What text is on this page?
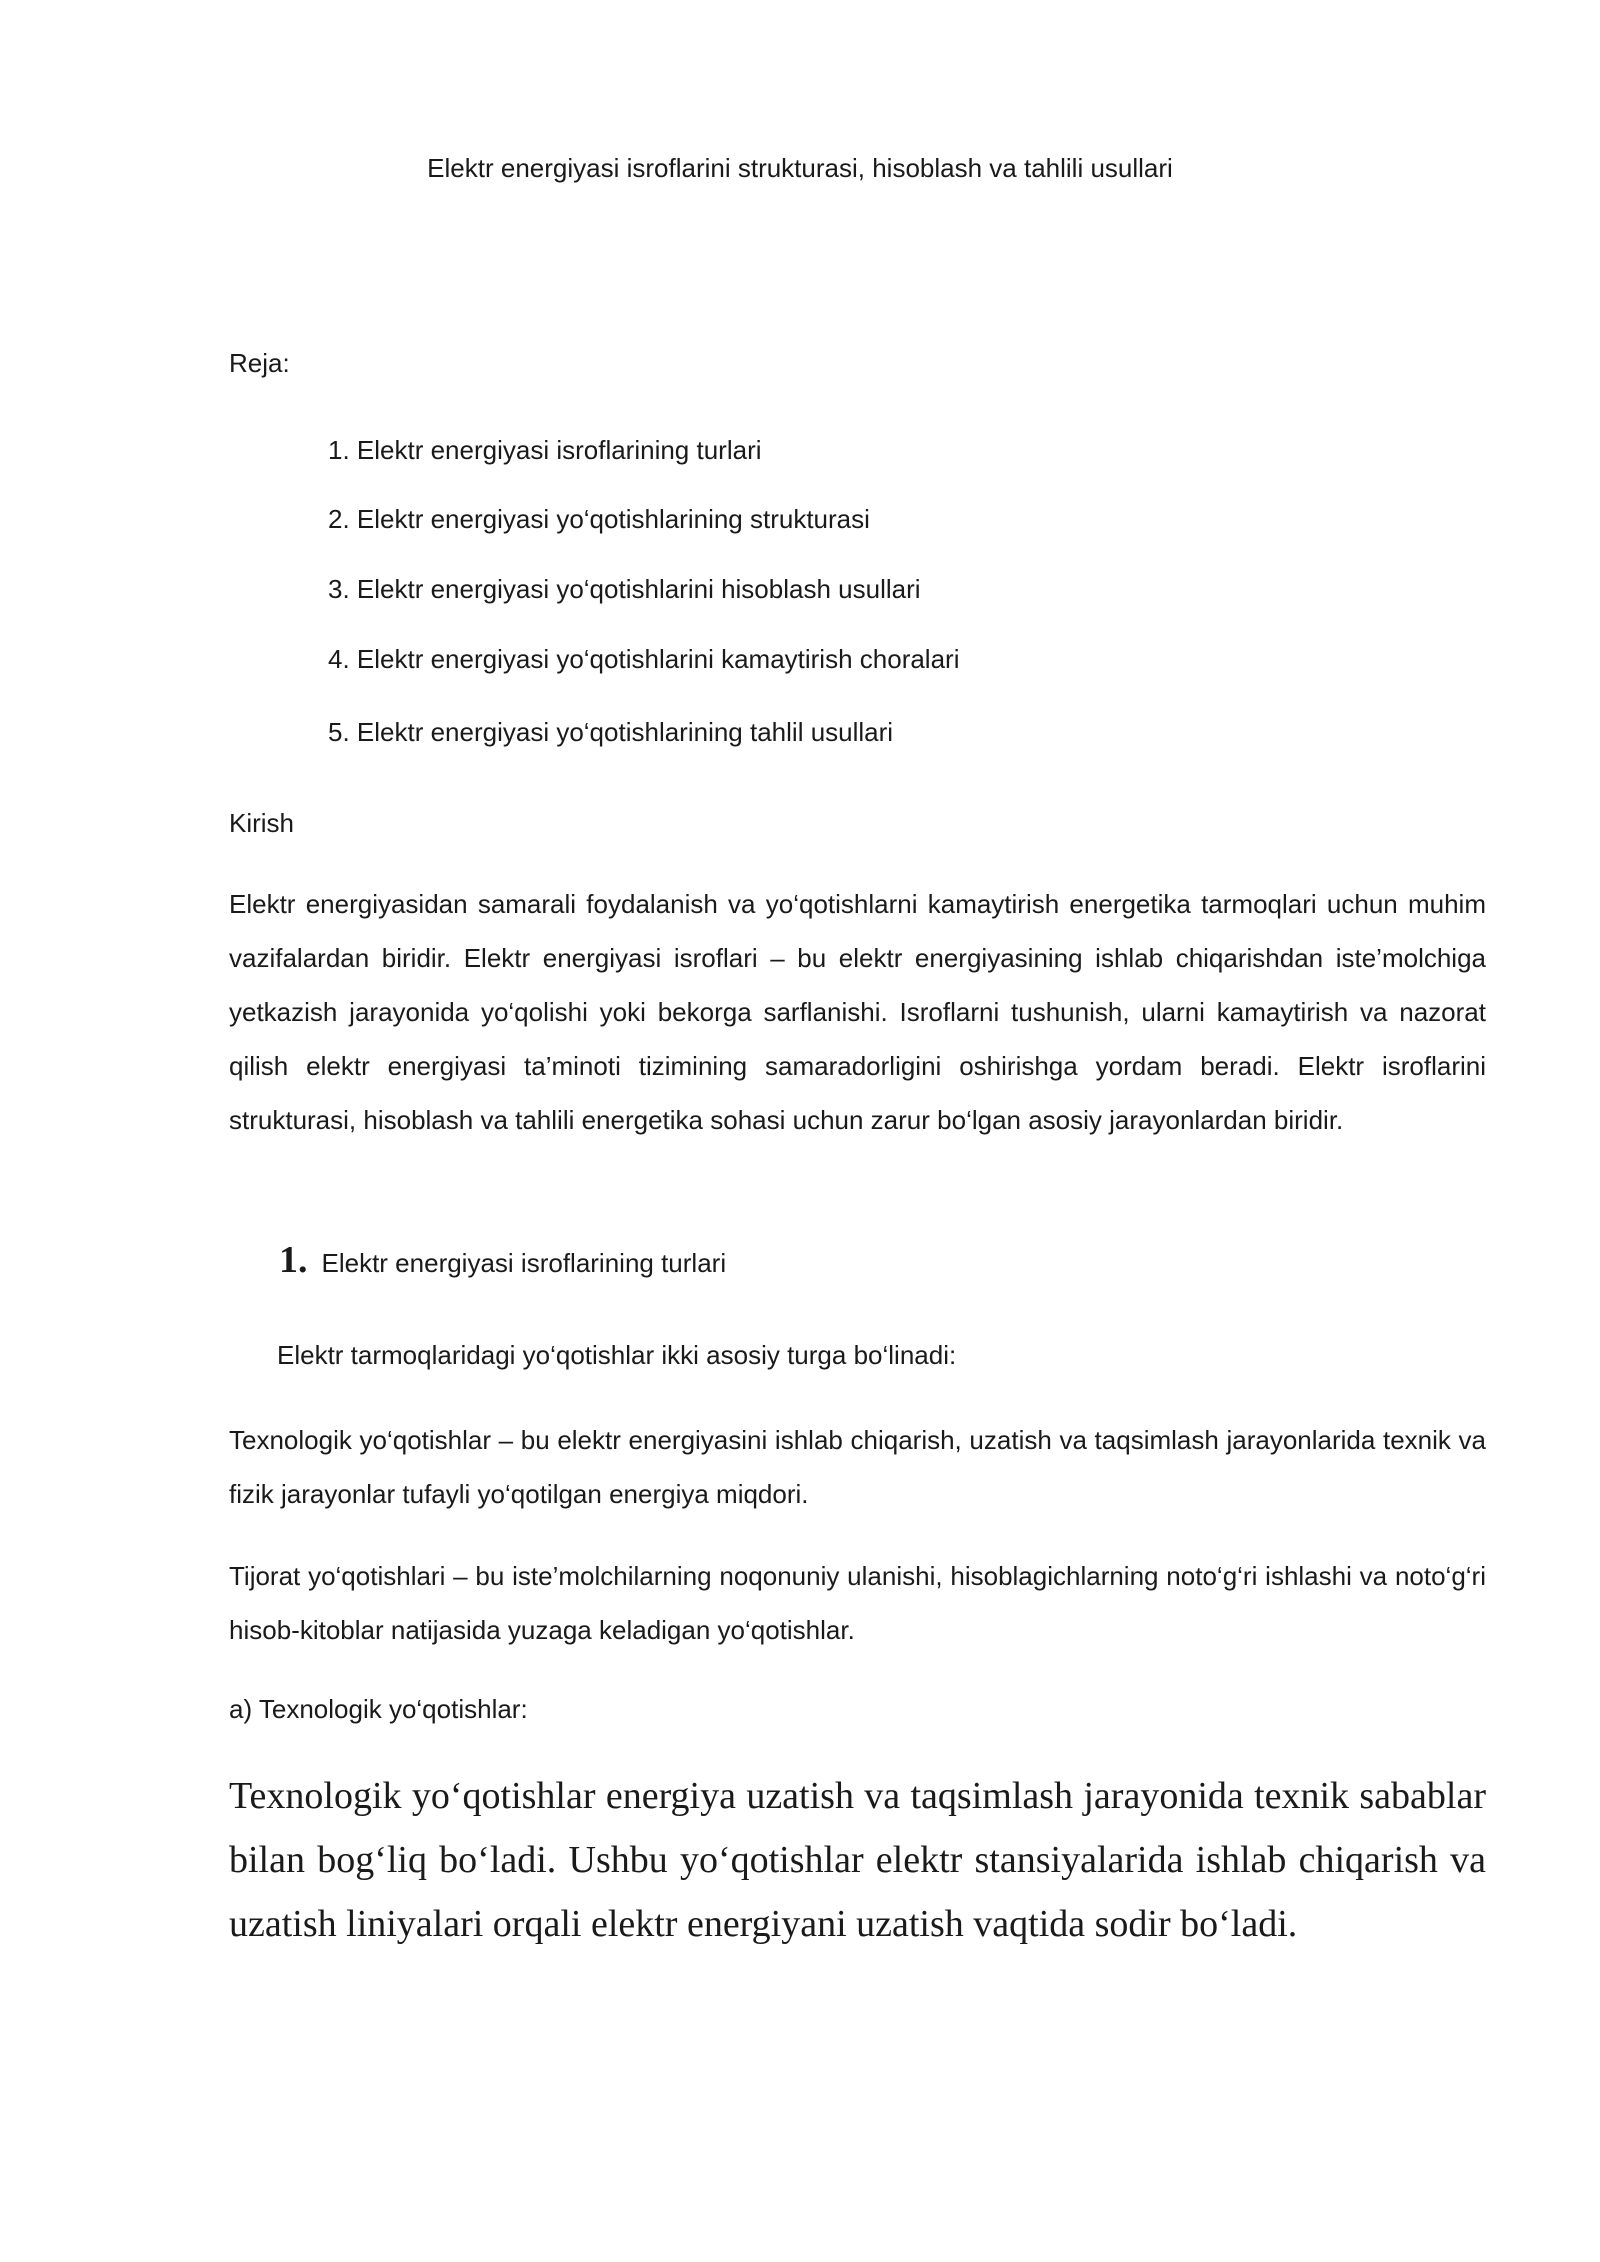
Elektr energiyasi isroflarini strukturasi, hisoblash va tahlili usullari
Reja:
1. Elektr energiyasi isroflarining turlari
2. Elektr energiyasi yo‘qotishlarining strukturasi
3. Elektr energiyasi yo‘qotishlarini hisoblash usullari
4. Elektr energiyasi yo‘qotishlarini kamaytirish choralari
5. Elektr energiyasi yo‘qotishlarining tahlil usullari
Kirish

Elektr energiyasidan samarali foydalanish va yo‘qotishlarni kamaytirish energetika tarmoqlari uchun muhim vazifalardan biridir. Elektr energiyasi isroflari – bu elektr energiyasining ishlab chiqarishdan iste’molchiga yetkazish jarayonida yo‘qolishi yoki bekorga sarflanishi. Isroflarni tushunish, ularni kamaytirish va nazorat qilish elektr energiyasi ta’minoti tizimining samaradorligini oshirishga yordam beradi. Elektr isroflarini strukturasi, hisoblash va tahlili energetika sohasi uchun zarur bo‘lgan asosiy jarayonlardan biridir.

1. Elektr energiyasi isroflarining turlari
Elektr tarmoqlaridagi yo‘qotishlar ikki asosiy turga bo‘linadi:

Texnologik yo‘qotishlar – bu elektr energiyasini ishlab chiqarish, uzatish va taqsimlash jarayonlarida texnik va fizik jarayonlar tufayli yo‘qotilgan energiya miqdori.

Tijorat yo‘qotishlari – bu iste’molchilarning noqonuniy ulanishi, hisoblagichlarning noto‘g‘ri ishlashi va noto‘g‘ri hisob-kitoblar natijasida yuzaga keladigan yo‘qotishlar.

a) Texnologik yo‘qotishlar:

Texnologik yo‘qotishlar energiya uzatish va taqsimlash jarayonida texnik sabablar bilan bog‘liq bo‘ladi. Ushbu yo‘qotishlar elektr stansiyalarida ishlab chiqarish va uzatish liniyalari orqali elektr energiyani uzatish vaqtida sodir bo‘ladi.
